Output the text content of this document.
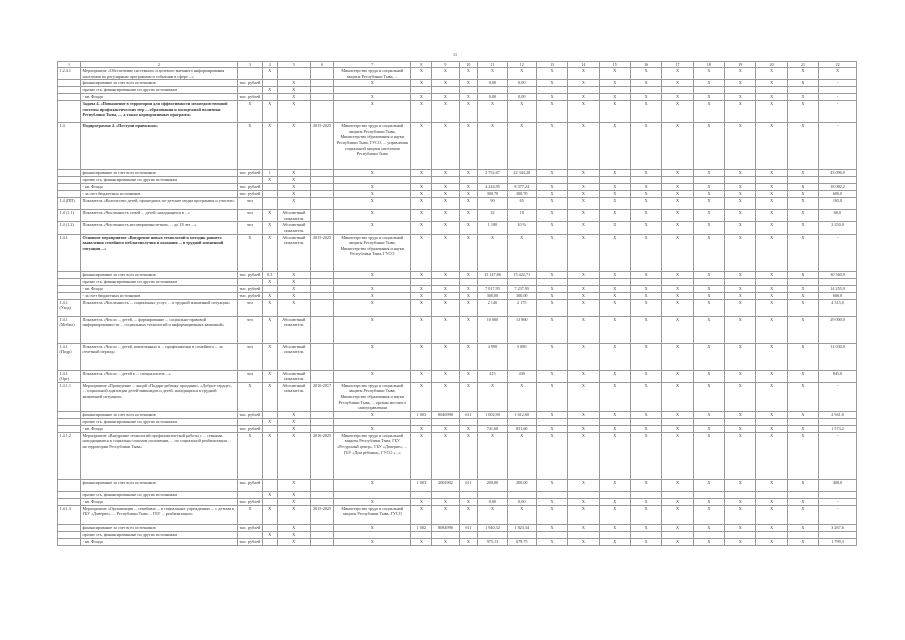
11
1	2	3	4	5	6	7	8	9	10	11	12	13	14	15	16	17	18	19	20	21	22
1.2.4.1	Мероприятие «Обеспечение системного и целевого внешнего информирования населения по регулярным программам и событиям в сфере ...»		Х			Министерство труда и социальной защиты Республики Тыва, ...	Х	Х	Х	Х	Х	Х	Х	Х	Х	Х	Х	Х	Х	Х	Х
	финансирование за счет всех источников	тыс. рублей		Х		Х	Х	Х	Х	0,00	0,00	Х	Х	Х	Х	Х	Х	Х	Х	Х	-
	прочие сть, финансированные по других источникам		Х	Х																	
	- кв. Фонда	тыс. рублей		Х		Х	Х	Х	Х	0,00	0,00	Х	Х	Х	Х	Х	Х	Х	Х	Х	-
	Задача 4. «Повышение в территории для эффективности межведомственной системы профилактических мер ... образования и молодежной политики Республики Тыва, ..., а также корпоративных программ»	Х	Х	Х		Х	Х	Х	Х	Х	Х	Х	Х	Х	Х	Х	Х	Х	Х	Х	-
1.4	Подпрограмма 4. «Поступи правильно»	Х	Х	Х	2015-2025	Министерство труда и социальной защиты Республики Тыва, Министерство образования и науки Республики Тыва, ГУСО, ... управления социальной защиты населения Республики Тыва	Х	Х	Х	Х	Х	Х	Х	Х	Х	Х	Х	Х	Х	Х	-
	финансирование за счет всех источников	тыс. рублей	1	Х		Х	Х	Х	Х	2 752,67	22 344,20	Х	Х	Х	Х	Х	Х	Х	Х	Х	43 096,9
	прочие сть, финансированные по других источникам		Х	Х																	
	- кв. Фонда	тыс. рублей		Х		Х	Х	Х	Х	4 244,95	8 377,24	Х	Х	Х	Х	Х	Х	Х	Х	Х	18 082,2
	- за счет бюджетных источников	тыс. рублей		Х		Х	Х	Х	Х	300,70	300,70	Х	Х	Х	Х	Х	Х	Х	Х	Х	600,0
1.4 (ПП)	Показатель «Количество детей, прошедших по-детские медиа программы и участие»	чел		Х		Х	Х	Х	Х	90	65	Х	Х	Х	Х	Х	Х	Х	Х	Х	165,0
1.4 (1.1)	Показатель «Численность семей ... детей, находящихся в ...»	чел	Х	Абсолютный показатель		Х	Х	Х	Х	32	18	Х	Х	Х	Х	Х	Х	Х	Х	Х	60,0
1.4 (1.2)	Показатель «Численность несовершеннолетних, ... до 18 лет ...»	чел	Х	Абсолютный показатель		Х	Х	Х	Х	1 180	10 %	Х	Х	Х	Х	Х	Х	Х	Х	Х	2 250,0
1.4.1	Основное мероприятие «Внедрение новых технологий и методик раннего выявления семейного неблагополучия и оказания ... в трудной жизненной ситуации ...»	Х	Х	Абсолютный показатель	2015-2025	Министерство труда и социальной защиты Республики Тыва, Министерство образования и науки Республики Тыва, ГУСО	Х	Х	Х	Х	Х	Х	Х	Х	Х	Х	Х	Х	Х	Х	-
	финансирование за счет всех источников	тыс. рублей	0,3	Х		Х	Х	Х	Х	15 147,86	15 422,71	Х	Х	Х	Х	Х	Х	Х	Х	Х	30 560,9
	прочие сть, финансированные по других источникам		Х	Х																	
	- кв. Фонда	тыс. рублей		Х		Х	Х	Х	Х	7 017,95	7 237,95	Х	Х	Х	Х	Х	Х	Х	Х	Х	14 255,9
	- за счет бюджетных источников	тыс. рублей	Х	Х		Х	Х	Х	Х	300,00	300,00	Х	Х	Х	Х	Х	Х	Х	Х	Х	600,0
1.4.1 (Уход)	Показатель «Численность ... социальных услуг, ... в трудной жизненной ситуации»	чел	Х	Х		Х	Х	Х	Х	2 140	2 175	Х	Х	Х	Х	Х	Х	Х	Х	Х	4 315,0
1.4.1 (Мобил)	Показатель «Число ... детей, ... формирование ... социально-правовой информированности ... социальных технологий и информационных кампаний»	чел	Х	Абсолютный показатель		Х	Х	Х	Х	10 000	13 860	Х	Х	Х	Х	Х	Х	Х	Х	Х	29 000,0
1.4.1 (Подр)	Показатель «Число ... детей, вовлеченных в ... профилактики и семейного ... за отчетный период»	чел	Х	Абсолютный показатель		Х	Х	Х	Х	4 990	5 080	Х	Х	Х	Х	Х	Х	Х	Х	Х	12 030,0
1.4.1 (Орг)	Показатель «Число ... детей в ... специалистов ...»	чел	Х	Абсолютный показатель		Х	Х	Х	Х	415	430	Х	Х	Х	Х	Х	Х	Х	Х	Х	845,0
1.4.1.1	Мероприятие «Проведение ... акций «Подари ребенку праздник», «Доброе сердце», ... социальной адаптации детей-инвалидов и детей, находящихся в трудной жизненной ситуации»	Х	Х	Абсолютный показатель	2016-2017	Министерство труда и социальной защиты Республики Тыва, Министерство образования и науки Республики Тыва, ... органы местного самоуправления	Х	Х	Х	Х	Х	Х	Х	Х	Х	Х	Х	Х	Х	Х	-
	финансирование за счет всех источников	тыс. рублей		Х		Х	1 003	8646998	611	1 002,90	1 612,60	Х	Х	Х	Х	Х	Х	Х	Х	Х	2 941,0
	прочие сть, финансированные по других источникам		Х	Х																	
	- кв. Фонда	тыс. рублей		Х		Х	Х	Х	Х	741,60	831,60	Х	Х	Х	Х	Х	Х	Х	Х	Х	1 573,2
1.4.1.2	Мероприятие «Внедрение технологий профилактической работы с ... семьями, находящимися в социально опасном положении, ... по социальной реабилитации ... на территории Республики Тыва»	Х	Х	Х	2016-2025	Министерство труда и социальной защиты Республики Тыва, ГБУ «Ресурсный центр», ГБУ «Доверие», ... ГБУ «Дом ребенка», ГУСО «...»	Х	Х	Х	Х	Х	Х	Х	Х	Х	Х	Х	Х	Х	Х	-
	финансирование за счет всех источников	тыс. рублей		Х		Х	1 003	2002902	611	200,00	200,00	Х	Х	Х	Х	Х	Х	Х	Х	Х	400,0
	прочие сть, финансированные по других источникам		Х	Х																	
	- кв. Фонда	тыс. рублей		Х		Х	Х	Х	Х	0,00	0,00	Х	Х	Х	Х	Х	Х	Х	Х	Х	-
1.4.1.3	Мероприятие «Организация ... семейных ... в социальных учреждениях ... с детьми в ГБУ «Доверие», ... Республики Тыва ... ГБУ ... реабилитации»	Х	Х	Х	2015-2025	Министерство труда и социальной защиты Республики Тыва, ГУСО	Х	Х	Х	Х	Х	Х	Х	Х	Х	Х	Х	Х	Х	Х	-
	финансирование за счет всех источников	тыс. рублей		Х		Х	1 002	8084998	611	1 940,32	1 823,34	Х	Х	Х	Х	Х	Х	Х	Х	Х	3 267,6
	прочие сть, финансированные по других источникам		Х	Х																	
	- кв. Фонда	тыс. рублей		Х		Х	Х	Х	Х	975,13	679,75	Х	Х	Х	Х	Х	Х	Х	Х	Х	1 799,3
